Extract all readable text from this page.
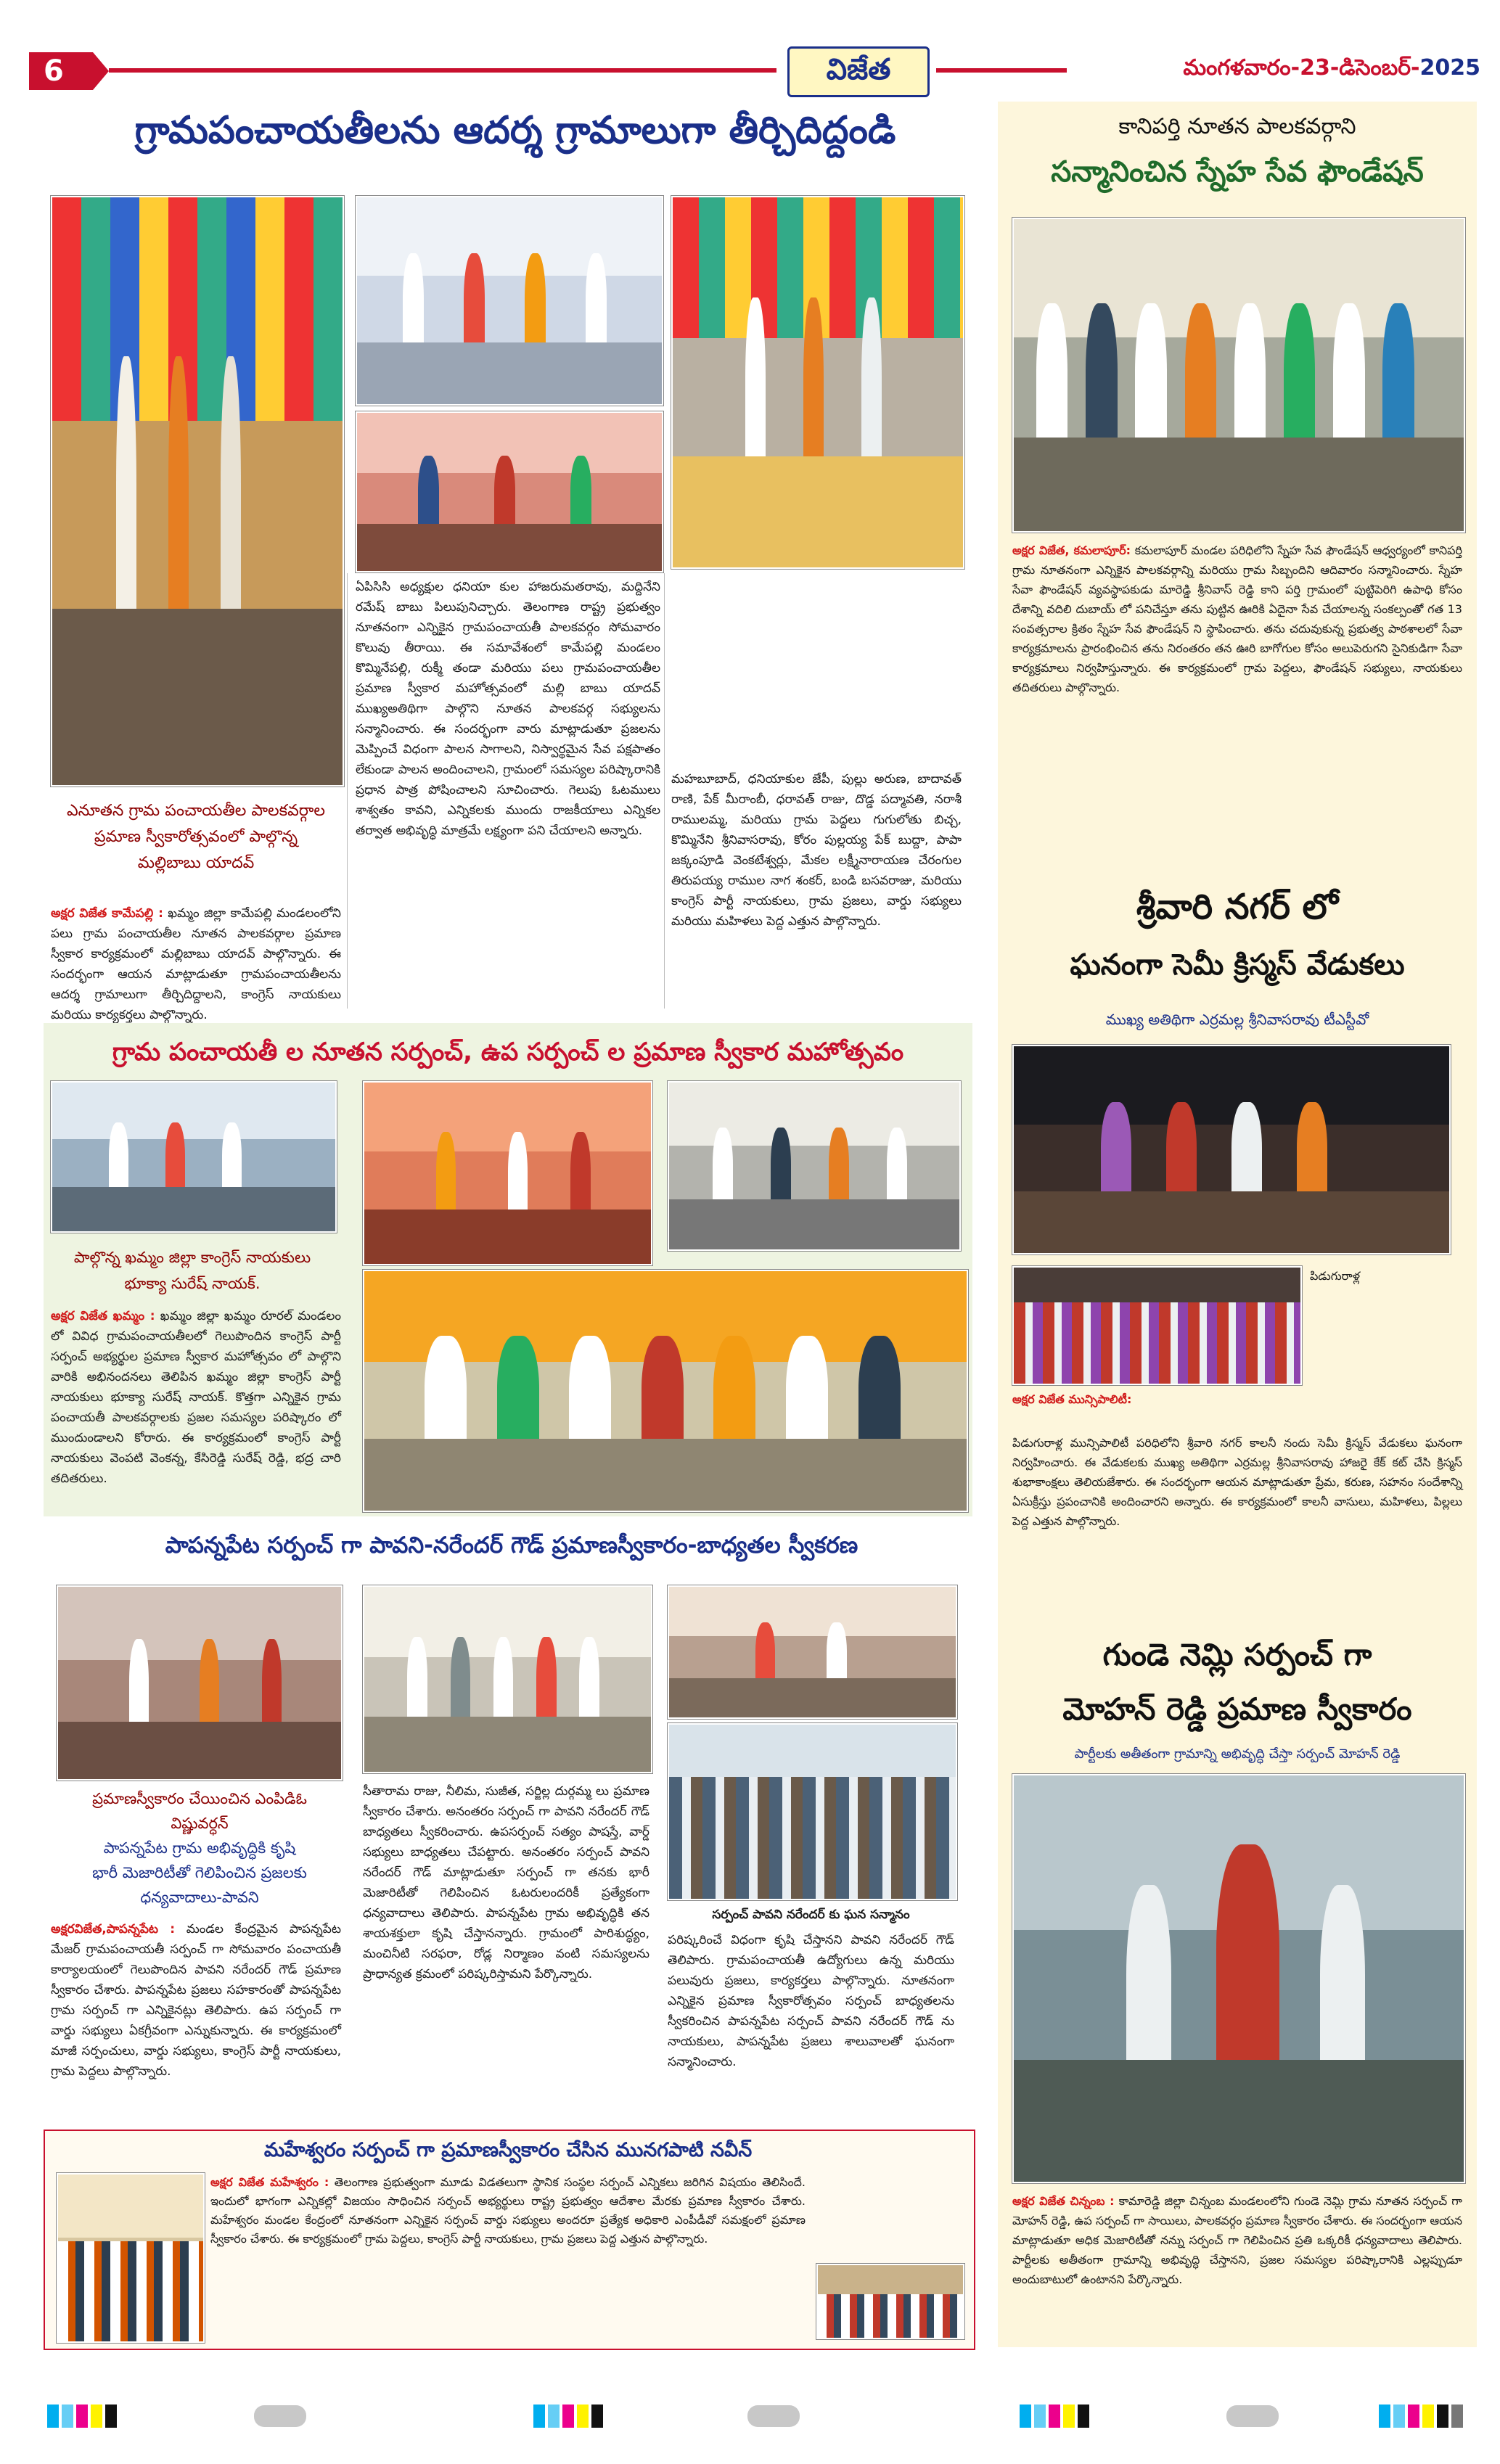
6	విజేత	మంగళవారం-23-డిసెంబర్-2025
గ్రామపంచాయతీలను ఆదర్శ గ్రామాలుగా తీర్చిదిద్దండి
ఎనూతన గ్రామ పంచాయతీల పాలకవర్గాల
ప్రమాణ స్వీకారోత్సవంలో పాల్గొన్న
మల్లిబాబు యాదవ్
అక్షర విజేత కామేపల్లి : ఖమ్మం జిల్లా కామేపల్లి మండలంలోని పలు గ్రామ పంచాయతీల నూతన పాలకవర్గాల ప్రమాణ స్వీకార కార్యక్రమంలో మల్లిబాబు యాదవ్ పాల్గొన్నారు. ఈ సందర్భంగా ఆయన మాట్లాడుతూ గ్రామపంచాయతీలను ఆదర్శ గ్రామాలుగా తీర్చిదిద్దాలని, కాంగ్రెస్ నాయకులు మరియు కార్యకర్తలు పాల్గొన్నారు.
ఏపిసిసి అధ్యక్షుల ధనియా కుల హాజరుమతరావు, మద్దినేని రమేష్ బాబు పిలుపునిచ్చారు. తెలంగాణ రాష్ట్ర ప్రభుత్వం నూతనంగా ఎన్నికైన గ్రామపంచాయతీ పాలకవర్గం సోమవారం కొలువు తీరాయి. ఈ సమావేశంలో కామేపల్లి మండలం కొమ్మినేపల్లి, రుక్మీ తండా మరియు పలు గ్రామపంచాయతీల ప్రమాణ స్వీకార మహోత్సవంలో మల్లి బాబు యాదవ్ ముఖ్యఅతిథిగా పాల్గొని నూతన పాలకవర్గ సభ్యులను సన్మానించారు. ఈ సందర్భంగా వారు మాట్లాడుతూ ప్రజలను మెప్పించే విధంగా పాలన సాగాలని, నిస్వార్థమైన సేవ పక్షపాతం లేకుండా పాలన అందించాలని, గ్రామంలో సమస్యల పరిష్కారానికి ప్రధాన పాత్ర పోషించాలని సూచించారు. గెలుపు ఓటములు శాశ్వతం కావని, ఎన్నికలకు ముందు రాజకీయాలు ఎన్నికల తర్వాత అభివృద్ధి మాత్రమే లక్ష్యంగా పని చేయాలని అన్నారు.
మహబూబాద్, ధనియాకుల జేపీ, పుల్లు అరుణ, బాదావత్ రాణి, పేక్ మీరాంబీ, ధరావత్ రాజు, దొడ్డ పద్మావతి, నరాశీ రాములమ్మ, మరియు గ్రామ పెద్దలు గుగులోతు బిచ్చ, కొమ్మినేని శ్రీనివాసరావు, కోరం పుల్లయ్య పేక్ బుద్దా, పాపా జక్కంపూడి వెంకటేశ్వర్లు, మేకల లక్ష్మీనారాయణ చేరంగుల తిరుపయ్య రాముల నాగ శంకర్, బండి బసవరాజు, మరియు కాంగ్రెస్ పార్టీ నాయకులు, గ్రామ ప్రజలు, వార్డు సభ్యులు మరియు మహిళలు పెద్ద ఎత్తున పాల్గొన్నారు.
గ్రామ పంచాయతీ ల నూతన సర్పంచ్, ఉప సర్పంచ్ ల ప్రమాణ స్వీకార మహోత్సవం
పాల్గొన్న ఖమ్మం జిల్లా కాంగ్రెస్ నాయకులు
భూక్యా సురేష్ నాయక్.
అక్షర విజేత ఖమ్మం : ఖమ్మం జిల్లా ఖమ్మం రూరల్ మండలం లో వివిధ గ్రామపంచాయతీలలో గెలుపొందిన కాంగ్రెస్ పార్టీ సర్పంచ్ అభ్యర్థుల ప్రమాణ స్వీకార మహోత్సవం లో పాల్గొని వారికి అభినందనలు తెలిపిన ఖమ్మం జిల్లా కాంగ్రెస్ పార్టీ నాయకులు భూక్యా సురేష్ నాయక్. కొత్తగా ఎన్నికైన గ్రామ పంచాయతీ పాలకవర్గాలకు ప్రజల సమస్యల పరిష్కారం లో ముందుండాలని కోరారు. ఈ కార్యక్రమంలో కాంగ్రెస్ పార్టీ నాయకులు వెంపటి వెంకన్న, కేసిరెడ్డి సురేష్ రెడ్డి, భద్ర చారి తదితరులు.
పాపన్నపేట సర్పంచ్ గా పావని-నరేందర్ గౌడ్ ప్రమాణస్వీకారం-బాధ్యతల స్వీకరణ
ప్రమాణస్వీకారం చేయించిన ఎంపిడిఓ
విష్ణువర్ధన్
పాపన్నపేట గ్రామ అభివృద్ధికి కృషి
భారీ మెజారిటీతో గెలిపించిన ప్రజలకు
ధన్యవాదాలు-పావని
అక్షరవిజేత,పాపన్నపేట : మండల కేంద్రమైన పాపన్నపేట మేజర్ గ్రామపంచాయతీ సర్పంచ్ గా సోమవారం పంచాయతీ కార్యాలయంలో గెలుపొందిన పావని నరేందర్ గౌడ్ ప్రమాణ స్వీకారం చేశారు. పాపన్నపేట ప్రజలు సహకారంతో పాపన్నపేట గ్రామ సర్పంచ్ గా ఎన్నికైనట్లు తెలిపారు. ఉప సర్పంచ్ గా వార్డు సభ్యులు ఏకగ్రీవంగా ఎన్నుకున్నారు. ఈ కార్యక్రమంలో మాజీ సర్పంచులు, వార్డు సభ్యులు, కాంగ్రెస్ పార్టీ నాయకులు, గ్రామ పెద్దలు పాల్గొన్నారు.
సీతారామ రాజు, నీలిమ, సుజీత, సర్జిల్ల దుర్గమ్మ లు ప్రమాణ స్వీకారం చేశారు. అనంతరం సర్పంచ్ గా పావని నరేందర్ గౌడ్ బాధ్యతలు స్వీకరించారు. ఉపసర్పంచ్ సత్యం పాషస్తే, వార్డ్ సభ్యులు బాధ్యతలు చేపట్టారు. అనంతరం సర్పంచ్ పావని నరేందర్ గౌడ్ మాట్లాడుతూ సర్పంచ్ గా తనకు భారీ మెజారిటీతో గెలిపించిన ఓటరులందరికీ ప్రత్యేకంగా ధన్యవాదాలు తెలిపారు. పాపన్నపేట గ్రామ అభివృద్ధికి తన శాయశక్తులా కృషి చేస్తానన్నారు. గ్రామంలో పారిశుద్ధ్యం, మంచినీటి సరఫరా, రోడ్ల నిర్మాణం వంటి సమస్యలను ప్రాధాన్యత క్రమంలో పరిష్కరిస్తామని పేర్కొన్నారు.
సర్పంచ్ పావని నరేందర్ కు ఘన సన్మానం
పరిష్కరించే విధంగా కృషి చేస్తానని పావని నరేందర్ గౌడ్ తెలిపారు. గ్రామపంచాయతీ ఉద్యోగులు ఉన్న మరియు పలువురు ప్రజలు, కార్యకర్తలు పాల్గొన్నారు. నూతనంగా ఎన్నికైన ప్రమాణ స్వీకారోత్సవం సర్పంచ్ బాధ్యతలను స్వీకరించిన పాపన్నపేట సర్పంచ్ పావని నరేందర్ గౌడ్ ను నాయకులు, పాపన్నపేట ప్రజలు శాలువాలతో ఘనంగా సన్మానించారు.
మహేశ్వరం సర్పంచ్ గా ప్రమాణస్వీకారం చేసిన మునగపాటి నవీన్
అక్షర విజేత మహేశ్వరం : తెలంగాణ ప్రభుత్వంగా మూడు విడతలుగా స్థానిక సంస్థల సర్పంచ్ ఎన్నికలు జరిగిన విషయం తెలిసిందే. ఇందులో భాగంగా ఎన్నికల్లో విజయం సాధించిన సర్పంచ్ అభ్యర్థులు రాష్ట్ర ప్రభుత్వం ఆదేశాల మేరకు ప్రమాణ స్వీకారం చేశారు. మహేశ్వరం మండల కేంద్రంలో నూతనంగా ఎన్నికైన సర్పంచ్ వార్డు సభ్యులు అందరూ ప్రత్యేక అధికారి ఎంపీడీవో సమక్షంలో ప్రమాణ స్వీకారం చేశారు. ఈ కార్యక్రమంలో గ్రామ పెద్దలు, కాంగ్రెస్ పార్టీ నాయకులు, గ్రామ ప్రజలు పెద్ద ఎత్తున పాల్గొన్నారు.
కానిపర్తి నూతన పాలకవర్గాని
సన్మానించిన స్నేహ సేవ ఫౌండేషన్
అక్షర విజేత, కమలాపూర్: కమలాపూర్ మండల పరిధిలోని స్నేహ సేవ ఫౌండేషన్ ఆధ్వర్యంలో కానిపర్తి గ్రామ నూతనంగా ఎన్నికైన పాలకవర్గాన్ని మరియు గ్రామ సిబ్బందిని ఆదివారం సన్మానించారు. స్నేహ సేవా ఫౌండేషన్ వ్యవస్థాపకుడు మారెడ్డి శ్రీనివాస్ రెడ్డి కాని పర్తి గ్రామంలో పుట్టిపెరిగి ఉపాధి కోసం దేశాన్ని వదిలి దుబాయ్ లో పనిచేస్తూ తను పుట్టిన ఊరికి ఏదైనా సేవ చేయాలన్న సంకల్పంతో గత 13 సంవత్సరాల క్రితం స్నేహ సేవ ఫౌండేషన్ ని స్థాపించారు. తను చదువుకున్న ప్రభుత్వ పాఠశాలలో సేవా కార్యక్రమాలను ప్రారంభించిన తను నిరంతరం తన ఊరి బాగోగుల కోసం అలుపెరుగని సైనికుడిగా సేవా కార్యక్రమాలు నిర్వహిస్తున్నారు. ఈ కార్యక్రమంలో గ్రామ పెద్దలు, ఫౌండేషన్ సభ్యులు, నాయకులు తదితరులు పాల్గొన్నారు.
శ్రీవారి నగర్ లో
ఘనంగా సెమీ క్రిస్మస్ వేడుకలు
ముఖ్య అతిథిగా ఎర్రమల్ల శ్రీనివాసరావు టీఎస్టీవో
అక్షర విజేత మున్సిపాలిటీ:
పిడుగురాళ్ల
పిడుగురాళ్ల మున్సిపాలిటీ పరిధిలోని శ్రీవారి నగర్ కాలనీ నందు సెమీ క్రిస్మస్ వేడుకలు ఘనంగా నిర్వహించారు. ఈ వేడుకలకు ముఖ్య అతిథిగా ఎర్రమల్ల శ్రీనివాసరావు హాజరై కేక్ కట్ చేసి క్రిస్మస్ శుభాకాంక్షలు తెలియజేశారు. ఈ సందర్భంగా ఆయన మాట్లాడుతూ ప్రేమ, కరుణ, సహనం సందేశాన్ని ఏసుక్రీస్తు ప్రపంచానికి అందించారని అన్నారు. ఈ కార్యక్రమంలో కాలనీ వాసులు, మహిళలు, పిల్లలు పెద్ద ఎత్తున పాల్గొన్నారు.
గుండె నెమ్లి సర్పంచ్ గా
మోహన్ రెడ్డి ప్రమాణ స్వీకారం
పార్టీలకు అతీతంగా గ్రామాన్ని అభివృద్ధి చేస్తా సర్పంచ్ మోహన్ రెడ్డి
అక్షర విజేత చిన్నంబ : కామారెడ్డి జిల్లా చిన్నంబ మండలంలోని గుండె నెమ్లి గ్రామ నూతన సర్పంచ్ గా మోహన్ రెడ్డి, ఉప సర్పంచ్ గా సాయిలు, పాలకవర్గం ప్రమాణ స్వీకారం చేశారు. ఈ సందర్భంగా ఆయన మాట్లాడుతూ అధిక మెజారిటీతో నన్ను సర్పంచ్ గా గెలిపించిన ప్రతి ఒక్కరికీ ధన్యవాదాలు తెలిపారు. పార్టీలకు అతీతంగా గ్రామాన్ని అభివృద్ధి చేస్తానని, ప్రజల సమస్యల పరిష్కారానికి ఎల్లప్పుడూ అందుబాటులో ఉంటానని పేర్కొన్నారు.
